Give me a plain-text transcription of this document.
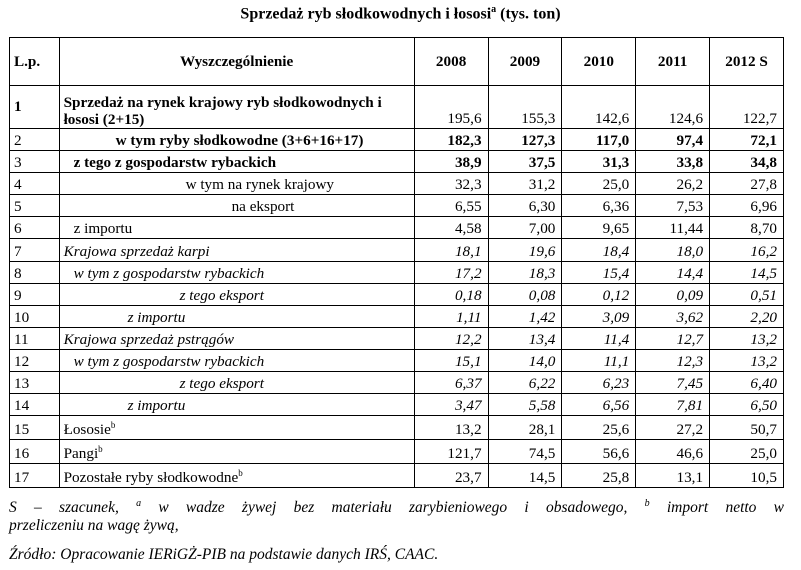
Sprzedaż ryb słodkowodnych i łososi$^a$ (tys. ton)
L.p.	Wyszczególnienie	2008	2009	2010	2011	2012 S
1	Sprzedaż na rynek krajowy ryb słodkowodnych i łososi (2+15)	195,6	155,3	142,6	124,6	122,7
2	w tym ryby słodkowodne (3+6+16+17)	182,3	127,3	117,0	97,4	72,1
3	z tego z gospodarstw rybackich	38,9	37,5	31,3	33,8	34,8
4	w tym na rynek krajowy	32,3	31,2	25,0	26,2	27,8
5	na eksport	6,55	6,30	6,36	7,53	6,96
6	z importu	4,58	7,00	9,65	11,44	8,70
7	Krajowa sprzedaż karpi	18,1	19,6	18,4	18,0	16,2
8	w tym z gospodarstw rybackich	17,2	18,3	15,4	14,4	14,5
9	z tego eksport	0,18	0,08	0,12	0,09	0,51
10	z importu	1,11	1,42	3,09	3,62	2,20
11	Krajowa sprzedaż pstrągów	12,2	13,4	11,4	12,7	13,2
12	w tym z gospodarstw rybackich	15,1	14,0	11,1	12,3	13,2
13	z tego eksport	6,37	6,22	6,23	7,45	6,40
14	z importu	3,47	5,58	6,56	7,81	6,50
15	Łososie$^b$	13,2	28,1	25,6	27,2	50,7
16	Pangi$^b$	121,7	74,5	56,6	46,6	25,0
17	Pozostałe ryby słodkowodne$^b$	23,7	14,5	25,8	13,1	10,5
S – szacunek, $^a$ w wadze żywej bez materiału zarybieniowego i obsadowego, $^b$ import netto w
przeliczeniu na wagę żywą,
Źródło: Opracowanie IERiGŻ-PIB na podstawie danych IRŚ, CAAC.
